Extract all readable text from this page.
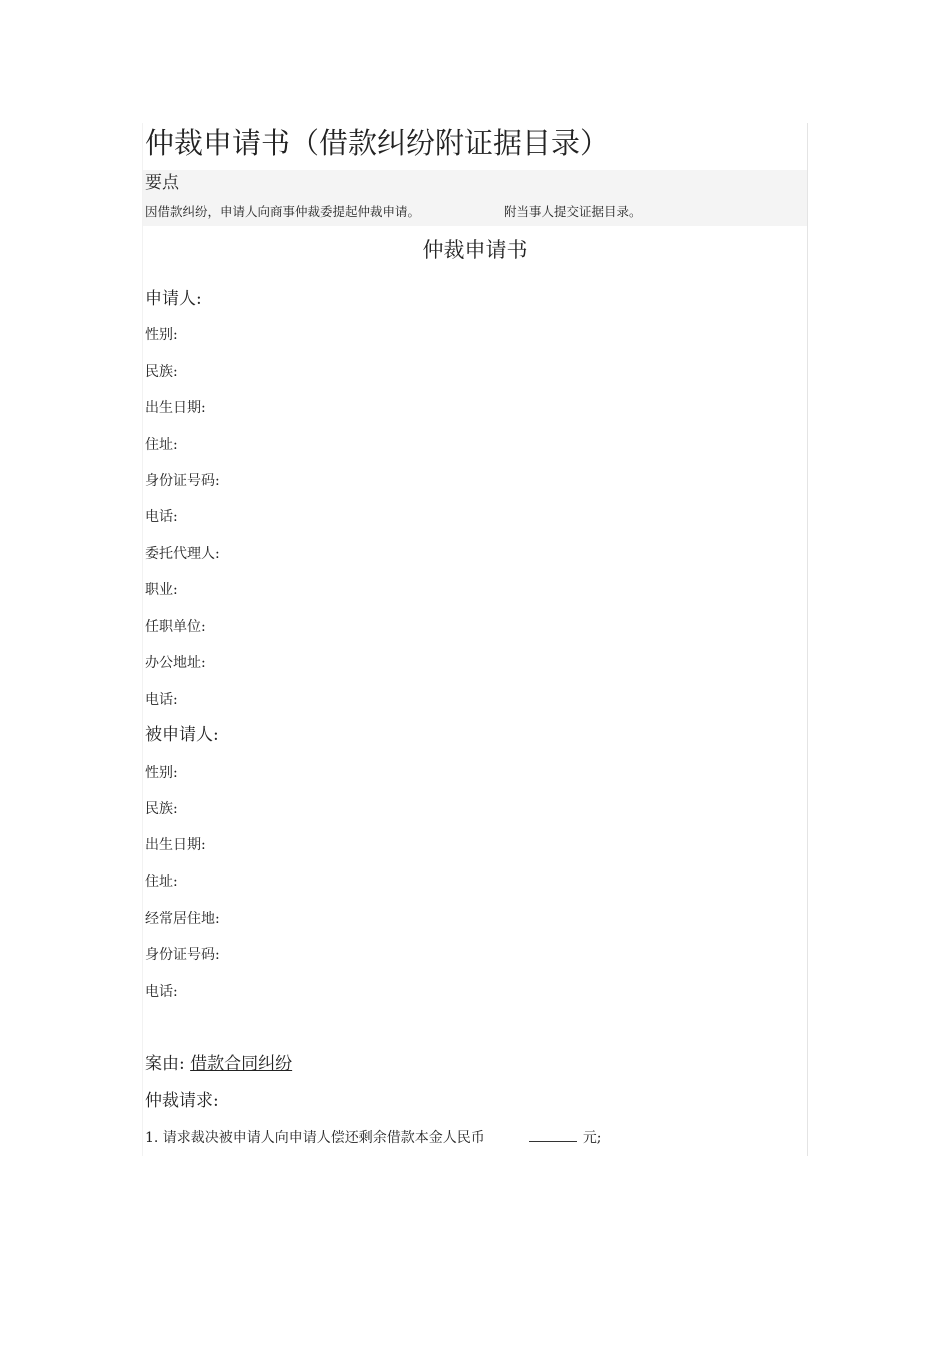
仲裁申请书（借款纠纷附证据目录）
要点
因借款纠纷，申请人向商事仲裁委提起仲裁申请。	附当事人提交证据目录。
仲裁申请书
申请人:
性别:
民族:
出生日期:
住址:
身份证号码:
电话:
委托代理人:
职业:
任职单位:
办公地址:
电话:
被申请人:
性别:
民族:
出生日期:
住址:
经常居住地:
身份证号码:
电话:
案由: 借款合同纠纷
仲裁请求:
1. 请求裁决被申请人向申请人偿还剩余借款本金人民币	元;
